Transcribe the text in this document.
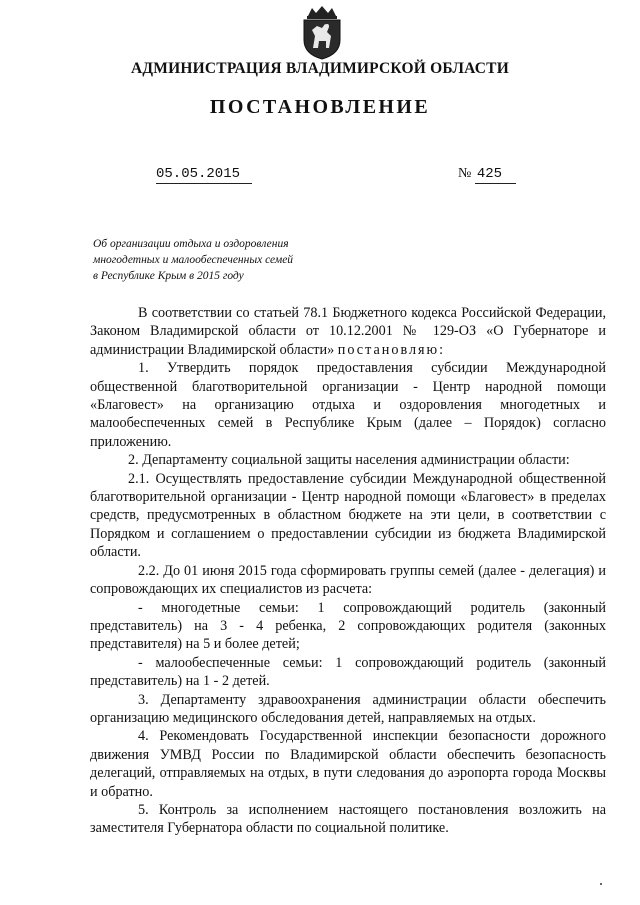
АДМИНИСТРАЦИЯ ВЛАДИМИРСКОЙ ОБЛАСТИ
ПОСТАНОВЛЕНИЕ
05.05.2015	№ 425
Об организации отдыха и оздоровления
многодетных и малообеспеченных семей
в Республике Крым в 2015 году

В соответствии со статьей 78.1 Бюджетного кодекса Российской Федерации, Законом Владимирской области от 10.12.2001 № 129-ОЗ «О Губернаторе и администрации Владимирской области» постановляю:

1. Утвердить порядок предоставления субсидии Международной общественной благотворительной организации - Центр народной помощи «Благовест» на организацию отдыха и оздоровления многодетных и малообеспеченных семей в Республике Крым (далее – Порядок) согласно приложению.

2. Департаменту социальной защиты населения администрации области:

2.1. Осуществлять предоставление субсидии Международной общественной благотворительной организации - Центр народной помощи «Благовест» в пределах средств, предусмотренных в областном бюджете на эти цели, в соответствии с Порядком и соглашением о предоставлении субсидии из бюджета Владимирской области.

2.2. До 01 июня 2015 года сформировать группы семей (далее - делегация) и сопровождающих их специалистов из расчета:

- многодетные семьи: 1 сопровождающий родитель (законный представитель) на 3 - 4 ребенка, 2 сопровождающих родителя (законных представителя) на 5 и более детей;

- малообеспеченные семьи: 1 сопровождающий родитель (законный представитель) на 1 - 2 детей.

3. Департаменту здравоохранения администрации области обеспечить организацию медицинского обследования детей, направляемых на отдых.

4. Рекомендовать Государственной инспекции безопасности дорожного движения УМВД России по Владимирской области обеспечить безопасность делегаций, отправляемых на отдых, в пути следования до аэропорта города Москвы и обратно.

5. Контроль за исполнением настоящего постановления возложить на заместителя Губернатора области по социальной политике.
